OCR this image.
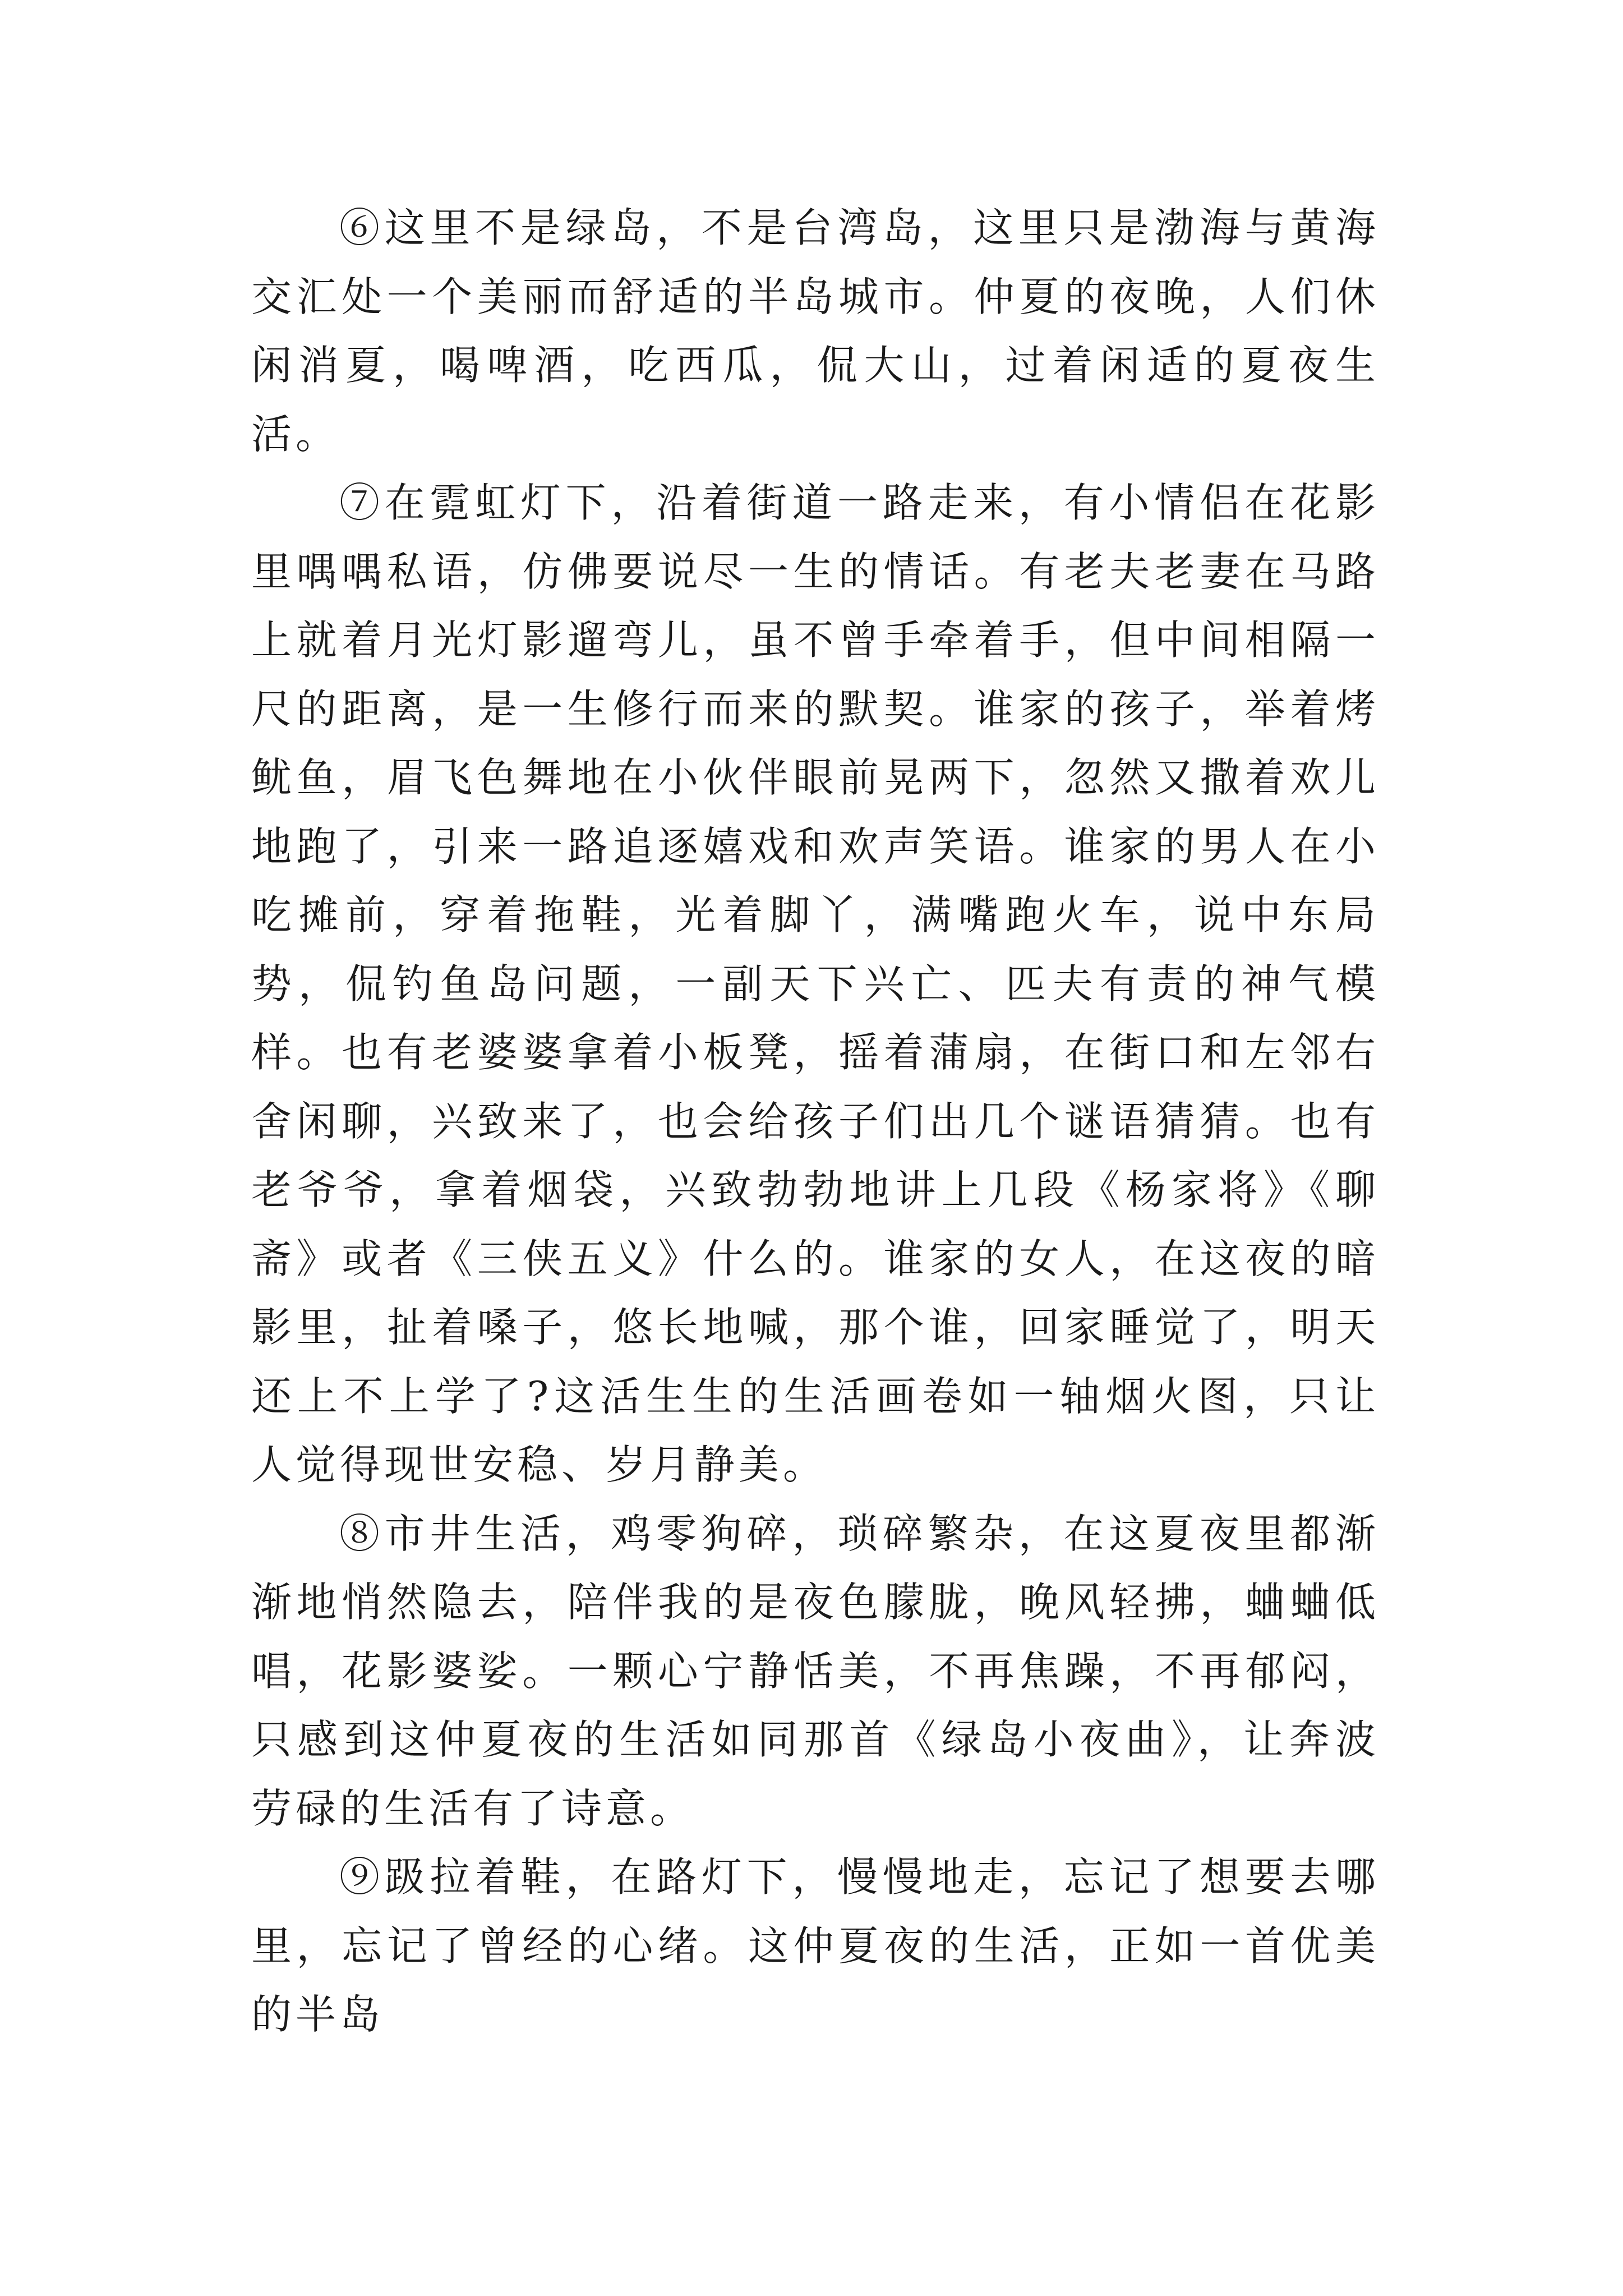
⑥这里不是绿岛，不是台湾岛，这里只是渤海与黄海交汇处一个美丽而舒适的半岛城市。仲夏的夜晚，人们休闲消夏，喝啤酒，吃西瓜，侃大山，过着闲适的夏夜生活。

⑦在霓虹灯下，沿着街道一路走来，有小情侣在花影里喁喁私语，仿佛要说尽一生的情话。有老夫老妻在马路上就着月光灯影遛弯儿，虽不曾手牵着手，但中间相隔一尺的距离，是一生修行而来的默契。谁家的孩子，举着烤鱿鱼，眉飞色舞地在小伙伴眼前晃两下，忽然又撒着欢儿地跑了，引来一路追逐嬉戏和欢声笑语。谁家的男人在小吃摊前，穿着拖鞋，光着脚丫，满嘴跑火车，说中东局势，侃钓鱼岛问题，一副天下兴亡、匹夫有责的神气模样。也有老婆婆拿着小板凳，摇着蒲扇，在街口和左邻右舍闲聊，兴致来了，也会给孩子们出几个谜语猜猜。也有老爷爷，拿着烟袋，兴致勃勃地讲上几段《杨家将》《聊斋》或者《三侠五义》什么的。谁家的女人，在这夜的暗影里，扯着嗓子，悠长地喊，那个谁，回家睡觉了，明天还上不上学了?这活生生的生活画卷如一轴烟火图，只让人觉得现世安稳、岁月静美。

⑧市井生活，鸡零狗碎，琐碎繁杂，在这夏夜里都渐渐地悄然隐去，陪伴我的是夜色朦胧，晚风轻拂，蛐蛐低唱，花影婆娑。一颗心宁静恬美，不再焦躁，不再郁闷，只感到这仲夏夜的生活如同那首《绿岛小夜曲》，让奔波劳碌的生活有了诗意。

⑨趿拉着鞋，在路灯下，慢慢地走，忘记了想要去哪里，忘记了曾经的心绪。这仲夏夜的生活，正如一首优美的半岛
